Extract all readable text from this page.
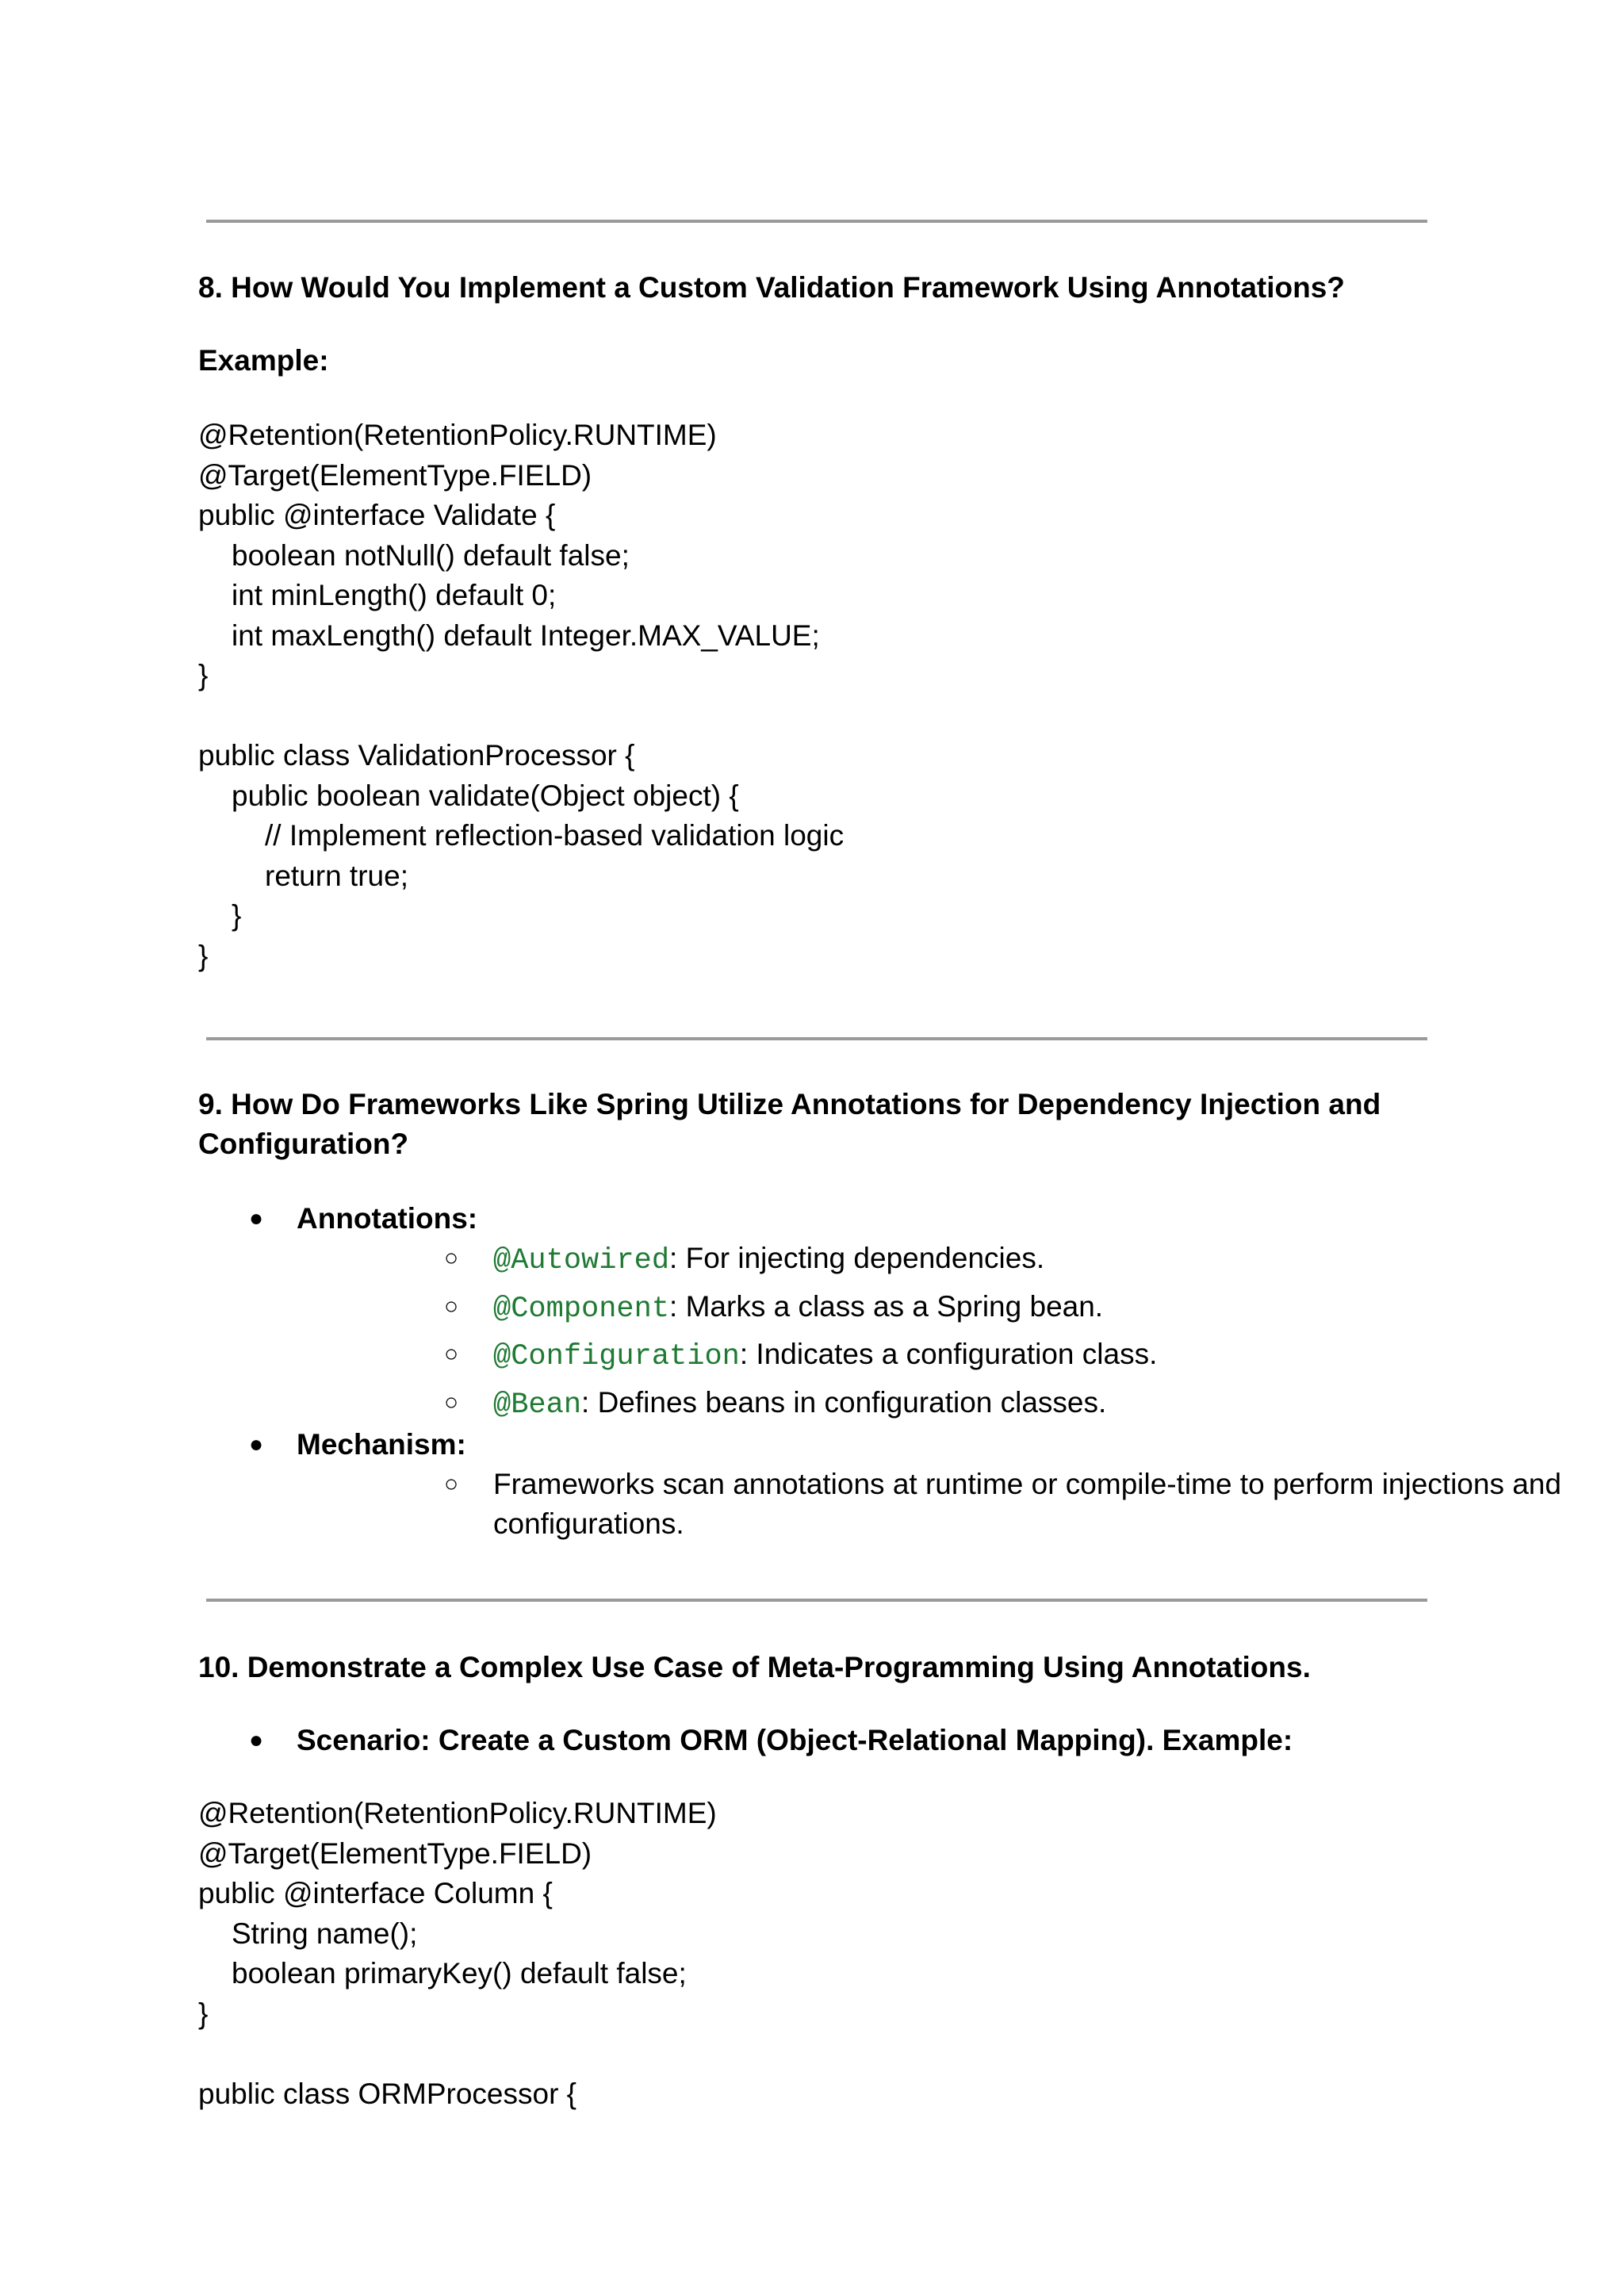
8. How Would You Implement a Custom Validation Framework Using Annotations?
Example:
@Retention(RetentionPolicy.RUNTIME)
@Target(ElementType.FIELD)
public @interface Validate {
boolean notNull() default false;
int minLength() default 0;
int maxLength() default Integer.MAX_VALUE;
}
public class ValidationProcessor {
public boolean validate(Object object) {
// Implement reflection-based validation logic
return true;
}
}
9. How Do Frameworks Like Spring Utilize Annotations for Dependency Injection and Configuration?
● Annotations:
○ @Autowired: For injecting dependencies.
○ @Component: Marks a class as a Spring bean.
○ @Configuration: Indicates a configuration class.
○ @Bean: Defines beans in configuration classes.
● Mechanism:
○ Frameworks scan annotations at runtime or compile-time to perform injections and configurations.
10. Demonstrate a Complex Use Case of Meta-Programming Using Annotations.
● Scenario: Create a Custom ORM (Object-Relational Mapping). Example:
@Retention(RetentionPolicy.RUNTIME)
@Target(ElementType.FIELD)
public @interface Column {
String name();
boolean primaryKey() default false;
}
public class ORMProcessor {
